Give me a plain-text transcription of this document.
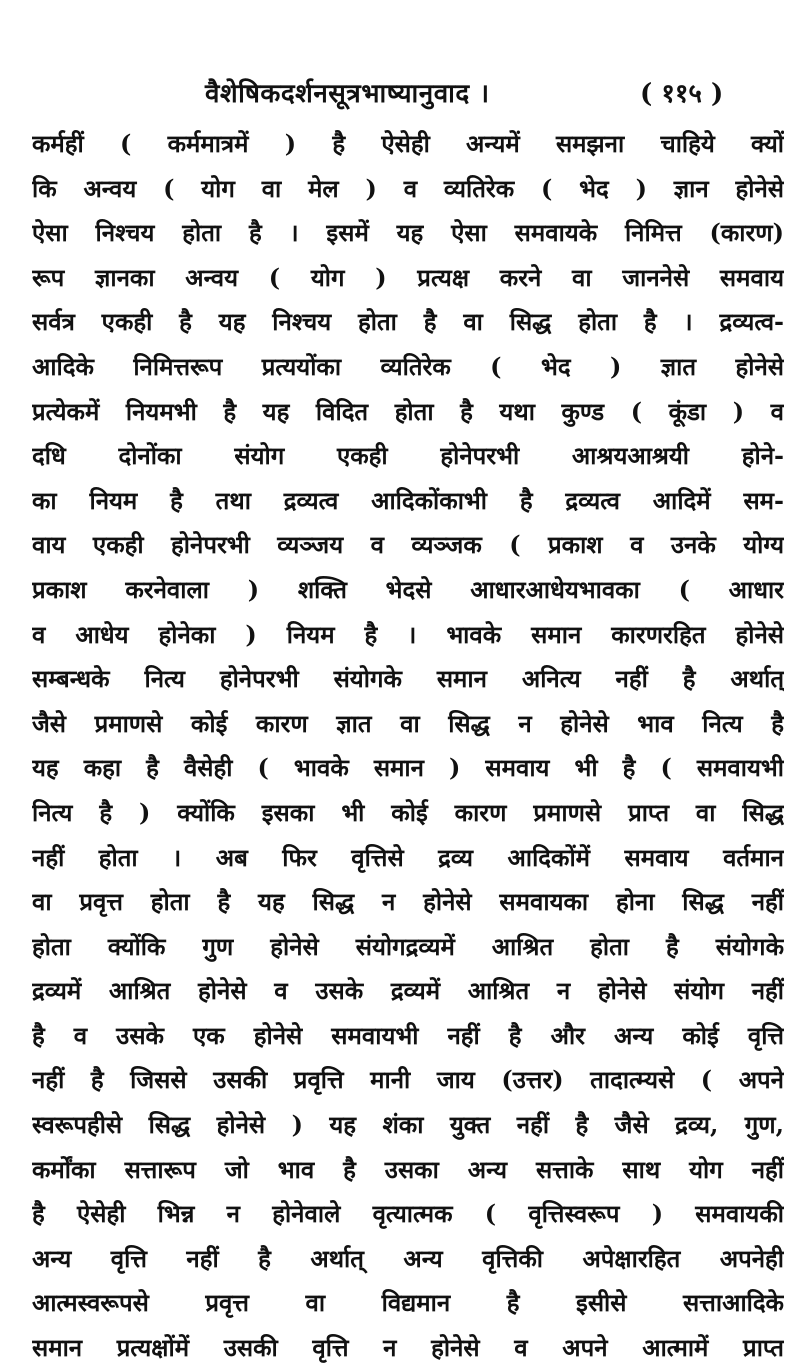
वैशेषिकदर्शनसूत्रभाष्यानुवाद ।	( ११५ )
कर्महीं ( कर्ममात्रमें ) है ऐसेही अन्यमें समझना चाहिये क्यों
कि अन्वय ( योग वा मेल ) व व्यतिरेक ( भेद ) ज्ञान होनेसे
ऐसा निश्चय होता है । इसमें यह ऐसा समवायके निमित्त (कारण)
रूप ज्ञानका अन्वय ( योग ) प्रत्यक्ष करने वा जाननेसे समवाय
सर्वत्र एकही है यह निश्चय होता है वा सिद्ध होता है । द्रव्यत्व-
आदिके निमित्तरूप प्रत्ययोंका व्यतिरेक ( भेद ) ज्ञात होनेसे
प्रत्येकमें नियमभी है यह विदित होता है यथा कुण्ड ( कूंडा ) व
दधि दोनोंका संयोग एकही होनेपरभी आश्रयआश्रयी होने-
का नियम है तथा द्रव्यत्व आदिकोंकाभी है द्रव्यत्व आदिमें सम-
वाय एकही होनेपरभी व्यञ्जय व व्यञ्जक ( प्रकाश व उनके योग्य
प्रकाश करनेवाला ) शक्ति भेदसे आधारआधेयभावका ( आधार
व आधेय होनेका ) नियम है । भावके समान कारणरहित होनेसे
सम्बन्धके नित्य होनेपरभी संयोगके समान अनित्य नहीं है अर्थात्
जैसे प्रमाणसे कोई कारण ज्ञात वा सिद्ध न होनेसे भाव नित्य है
यह कहा है वैसेही ( भावके समान ) समवाय भी है ( समवायभी
नित्य है ) क्योंकि इसका भी कोई कारण प्रमाणसे प्राप्त वा सिद्ध
नहीं होता । अब फिर वृत्तिसे द्रव्य आदिकोंमें समवाय वर्तमान
वा प्रवृत्त होता है यह सिद्ध न होनेसे समवायका होना सिद्ध नहीं
होता क्योंकि गुण होनेसे संयोगद्रव्यमें आश्रित होता है संयोगके
द्रव्यमें आश्रित होनेसे व उसके द्रव्यमें आश्रित न होनेसे संयोग नहीं
है व उसके एक होनेसे समवायभी नहीं है और अन्य कोई वृत्ति
नहीं है जिससे उसकी प्रवृत्ति मानी जाय (उत्तर) तादात्म्यसे ( अपने
स्वरूपहीसे सिद्ध होनेसे ) यह शंका युक्त नहीं है जैसे द्रव्य, गुण,
कर्मोंका सत्तारूप जो भाव है उसका अन्य सत्ताके साथ योग नहीं
है ऐसेही भिन्न न होनेवाले वृत्यात्मक ( वृत्तिस्वरूप ) समवायकी
अन्य वृत्ति नहीं है अर्थात् अन्य वृत्तिकी अपेक्षारहित अपनेही
आत्मस्वरूपसे प्रवृत्त वा विद्यमान है इसीसे सत्ताआदिके
समान प्रत्यक्षोंमें उसकी वृत्ति न होनेसे व अपने आत्मामें प्राप्त
